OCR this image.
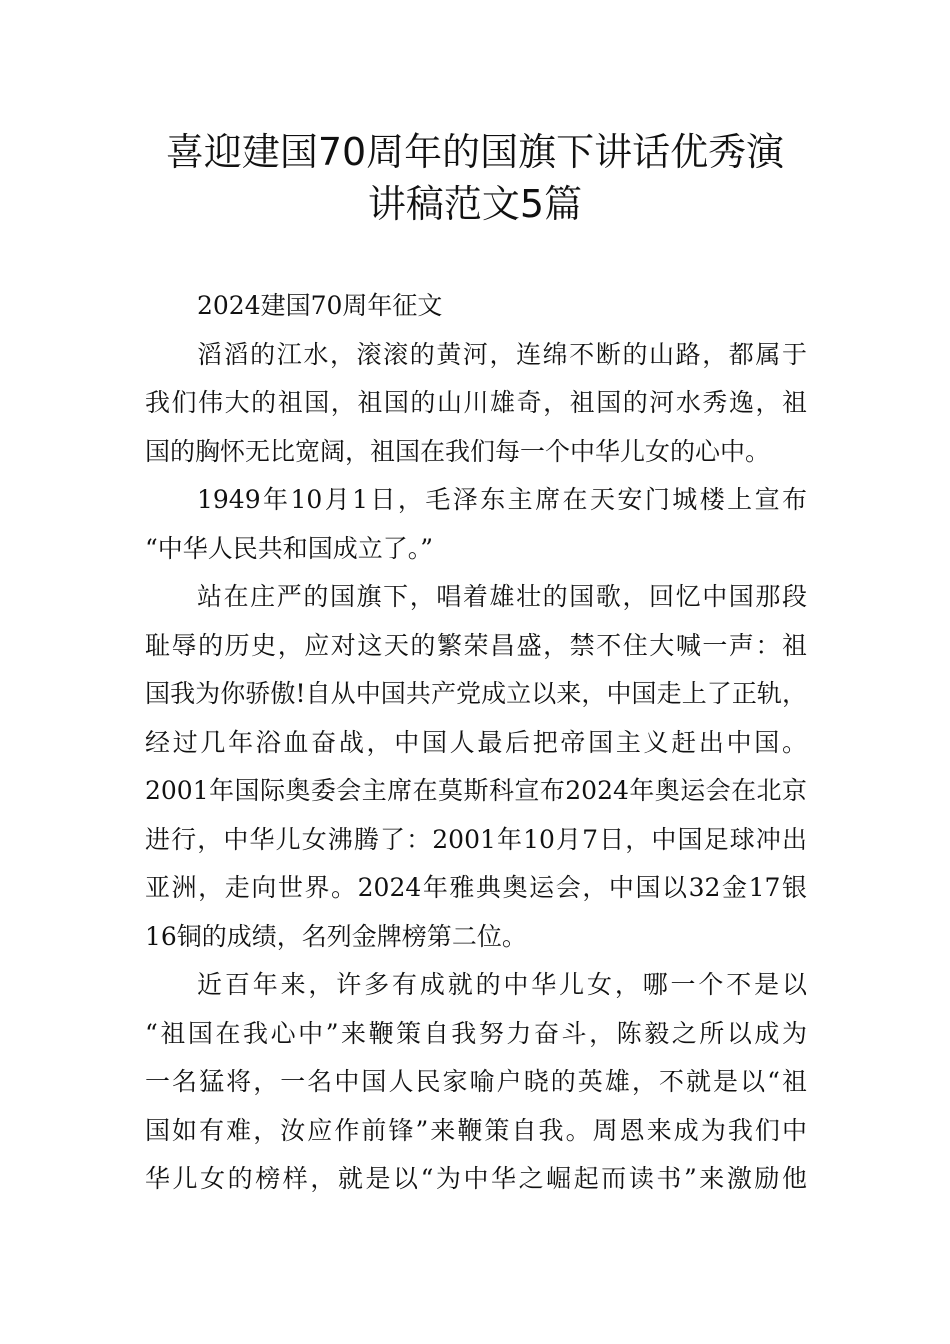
喜迎建国70周年的国旗下讲话优秀演
讲稿范文5篇
2024建国70周年征文
滔滔的江水，滚滚的黄河，连绵不断的山路，都属于
我们伟大的祖国，祖国的山川雄奇，祖国的河水秀逸，祖
国的胸怀无比宽阔，祖国在我们每一个中华儿女的心中。
1949年10月1日，毛泽东主席在天安门城楼上宣布
“中华人民共和国成立了。”
站在庄严的国旗下，唱着雄壮的国歌，回忆中国那段
耻辱的历史，应对这天的繁荣昌盛，禁不住大喊一声：祖
国我为你骄傲!自从中国共产党成立以来，中国走上了正轨，
经过几年浴血奋战，中国人最后把帝国主义赶出中国。
2001年国际奥委会主席在莫斯科宣布2024年奥运会在北京
进行，中华儿女沸腾了：2001年10月7日，中国足球冲出
亚洲，走向世界。2024年雅典奥运会，中国以32金17银
16铜的成绩，名列金牌榜第二位。
近百年来，许多有成就的中华儿女，哪一个不是以
“祖国在我心中”来鞭策自我努力奋斗，陈毅之所以成为
一名猛将，一名中国人民家喻户晓的英雄，不就是以“祖
国如有难，汝应作前锋”来鞭策自我。周恩来成为我们中
华儿女的榜样，就是以“为中华之崛起而读书”来激励他
